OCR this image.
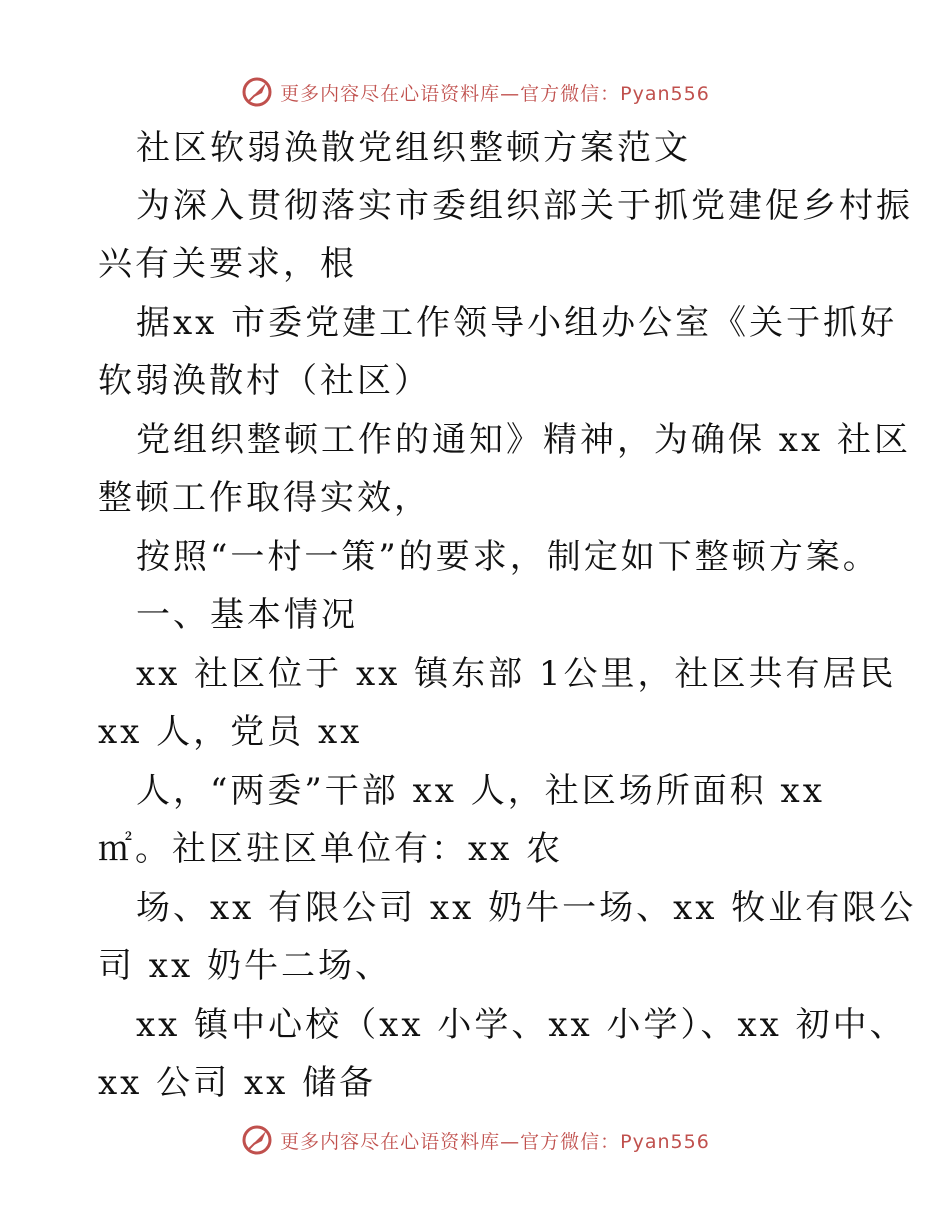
更多内容尽在心语资料库—官方微信：Pyan556
社区软弱涣散党组织整顿方案范文
为深入贯彻落实市委组织部关于抓党建促乡村振
兴有关要求，根
据xx 市委党建工作领导小组办公室《关于抓好
软弱涣散村（社区）
党组织整顿工作的通知》精神，为确保 xx 社区
整顿工作取得实效，
按照“一村一策”的要求，制定如下整顿方案。
一、基本情况
xx 社区位于 xx 镇东部 1公里，社区共有居民
xx 人，党员 xx
人，“两委”干部 xx 人，社区场所面积 xx
㎡。社区驻区单位有：xx 农
场、xx 有限公司 xx 奶牛一场、xx 牧业有限公
司 xx 奶牛二场、
xx 镇中心校（xx 小学、xx 小学）、xx 初中、
xx 公司 xx 储备
更多内容尽在心语资料库—官方微信：Pyan556
